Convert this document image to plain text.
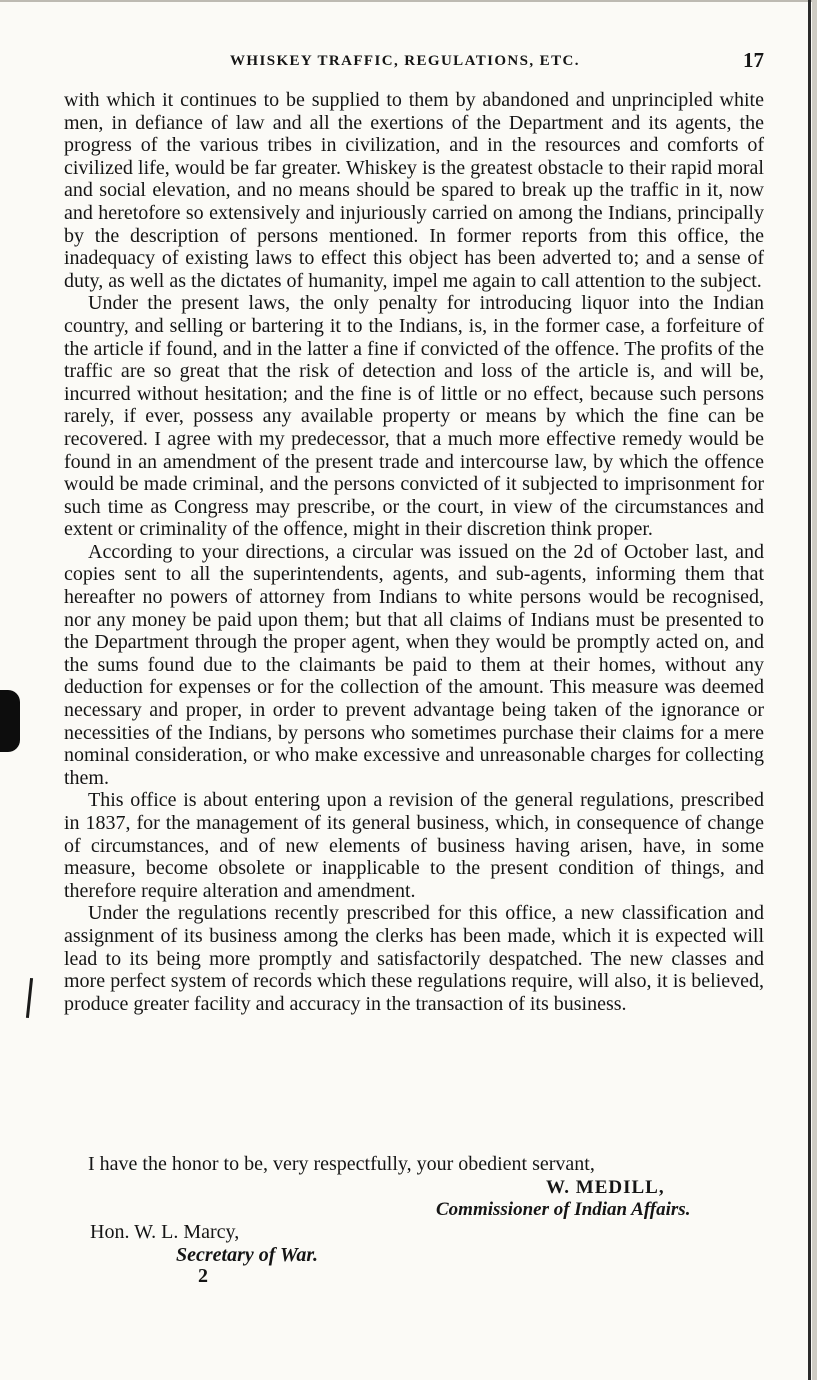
WHISKEY TRAFFIC, REGULATIONS, ETC.	17

with which it continues to be supplied to them by abandoned and unprincipled white men, in defiance of law and all the exertions of the Department and its agents, the progress of the various tribes in civilization, and in the resources and comforts of civilized life, would be far greater. Whiskey is the greatest obstacle to their rapid moral and social elevation, and no means should be spared to break up the traffic in it, now and heretofore so extensively and injuriously carried on among the Indians, principally by the description of persons mentioned. In former reports from this office, the inadequacy of existing laws to effect this object has been adverted to; and a sense of duty, as well as the dictates of humanity, impel me again to call attention to the subject.

Under the present laws, the only penalty for introducing liquor into the Indian country, and selling or bartering it to the Indians, is, in the former case, a forfeiture of the article if found, and in the latter a fine if convicted of the offence. The profits of the traffic are so great that the risk of detection and loss of the article is, and will be, incurred without hesitation; and the fine is of little or no effect, because such persons rarely, if ever, possess any available property or means by which the fine can be recovered. I agree with my predecessor, that a much more effective remedy would be found in an amendment of the present trade and intercourse law, by which the offence would be made criminal, and the persons convicted of it subjected to imprisonment for such time as Congress may prescribe, or the court, in view of the circumstances and extent or criminality of the offence, might in their discretion think proper.

According to your directions, a circular was issued on the 2d of October last, and copies sent to all the superintendents, agents, and sub-agents, informing them that hereafter no powers of attorney from Indians to white persons would be recognised, nor any money be paid upon them; but that all claims of Indians must be presented to the Department through the proper agent, when they would be promptly acted on, and the sums found due to the claimants be paid to them at their homes, without any deduction for expenses or for the collection of the amount. This measure was deemed necessary and proper, in order to prevent advantage being taken of the ignorance or necessities of the Indians, by persons who sometimes purchase their claims for a mere nominal consideration, or who make excessive and unreasonable charges for collecting them.

This office is about entering upon a revision of the general regulations, prescribed in 1837, for the management of its general business, which, in consequence of change of circumstances, and of new elements of business having arisen, have, in some measure, become obsolete or inapplicable to the present condition of things, and therefore require alteration and amendment.

Under the regulations recently prescribed for this office, a new classification and assignment of its business among the clerks has been made, which it is expected will lead to its being more promptly and satisfactorily despatched. The new classes and more perfect system of records which these regulations require, will also, it is believed, produce greater facility and accuracy in the transaction of its business.

I have the honor to be, very respectfully, your obedient servant,
W. MEDILL,
Commissioner of Indian Affairs.
Hon. W. L. Marcy,
Secretary of War.
2
